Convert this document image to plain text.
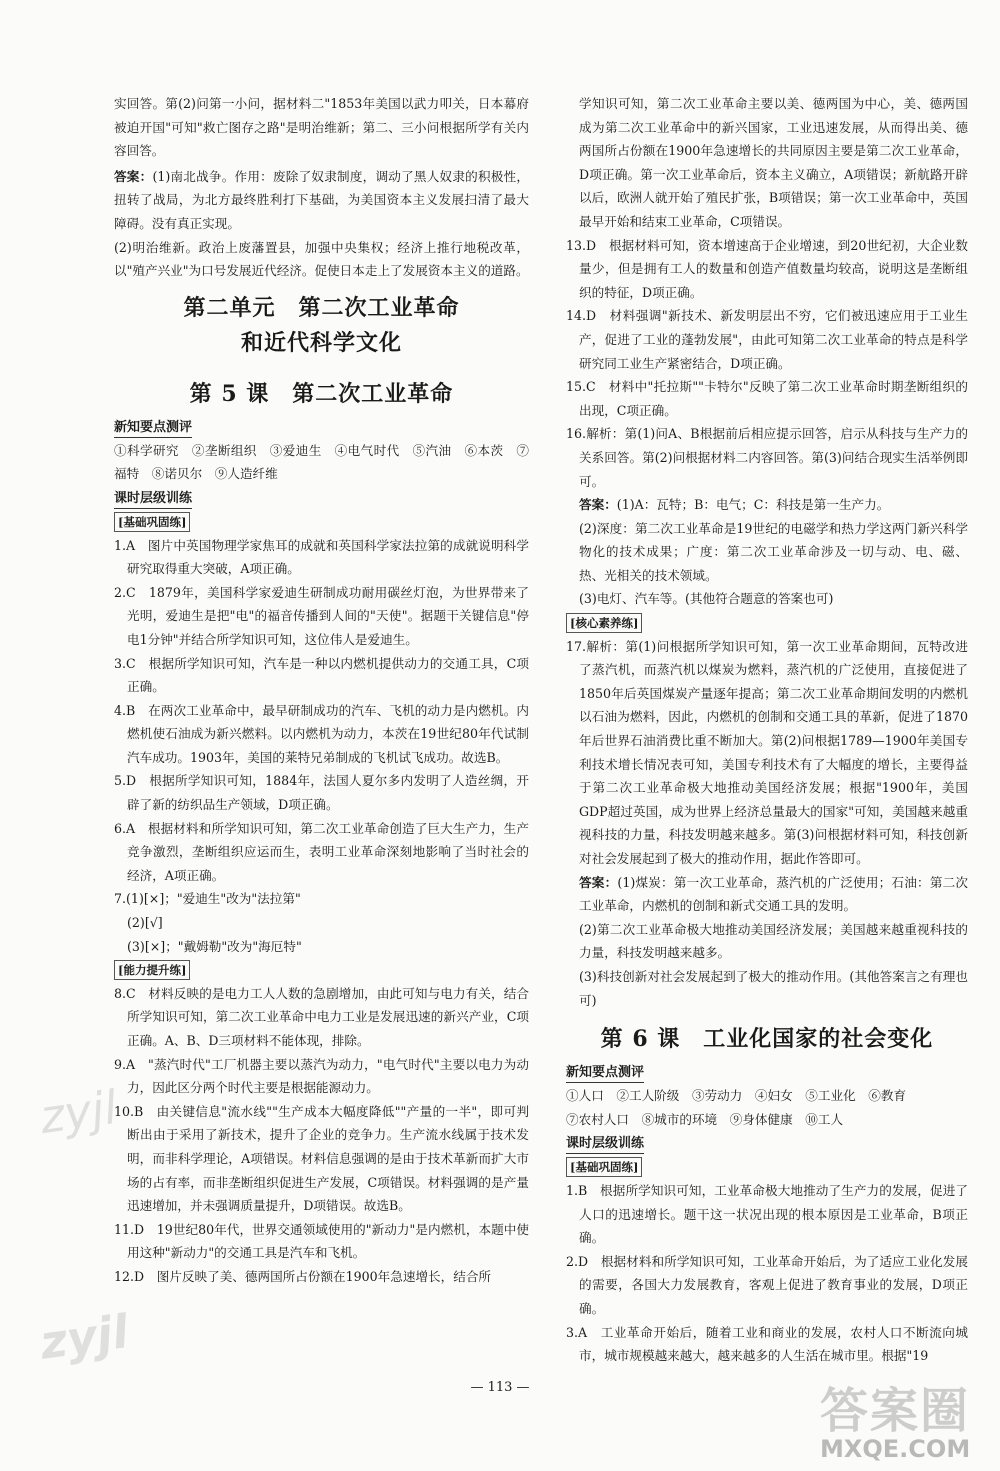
实回答。第(2)问第一小问，据材料二"1853年美国以武力叩关，日本幕府被迫开国"可知"救亡图存之路"是明治维新；第二、三小问根据所学有关内容回答。

答案：(1)南北战争。作用：废除了奴隶制度，调动了黑人奴隶的积极性，扭转了战局，为北方最终胜利打下基础，为美国资本主义发展扫清了最大障碍。没有真正实现。

(2)明治维新。政治上废藩置县，加强中央集权；经济上推行地税改革，以"殖产兴业"为口号发展近代经济。促使日本走上了发展资本主义的道路。

第二单元　第二次工业革命
和近代科学文化
第 5 课　第二次工业革命
新知要点测评

①科学研究　②垄断组织　③爱迪生　④电气时代　⑤汽油　⑥本茨　⑦福特　⑧诺贝尔　⑨人造纤维

课时层级训练
[基础巩固练]

1.A　图片中英国物理学家焦耳的成就和英国科学家法拉第的成就说明科学研究取得重大突破，A项正确。

2.C　1879年，美国科学家爱迪生研制成功耐用碳丝灯泡，为世界带来了光明，爱迪生是把"电"的福音传播到人间的"天使"。据题干关键信息"停电1分钟"并结合所学知识可知，这位伟人是爱迪生。

3.C　根据所学知识可知，汽车是一种以内燃机提供动力的交通工具，C项正确。

4.B　在两次工业革命中，最早研制成功的汽车、飞机的动力是内燃机。内燃机使石油成为新兴燃料。以内燃机为动力，本茨在19世纪80年代试制汽车成功。1903年，美国的莱特兄弟制成的飞机试飞成功。故选B。

5.D　根据所学知识可知，1884年，法国人夏尔多内发明了人造丝绸，开辟了新的纺织品生产领域，D项正确。

6.A　根据材料和所学知识可知，第二次工业革命创造了巨大生产力，生产竞争激烈，垄断组织应运而生，表明工业革命深刻地影响了当时社会的经济，A项正确。

7.(1)[×]；"爱迪生"改为"法拉第"

(2)[√]

(3)[×]；"戴姆勒"改为"海厄特"

[能力提升练]

8.C　材料反映的是电力工人人数的急剧增加，由此可知与电力有关，结合所学知识可知，第二次工业革命中电力工业是发展迅速的新兴产业，C项正确。A、B、D三项材料不能体现，排除。

9.A　"蒸汽时代"工厂机器主要以蒸汽为动力，"电气时代"主要以电力为动力，因此区分两个时代主要是根据能源动力。

10.B　由关键信息"流水线""生产成本大幅度降低""产量的一半"，即可判断出由于采用了新技术，提升了企业的竞争力。生产流水线属于技术发明，而非科学理论，A项错误。材料信息强调的是由于技术革新而扩大市场的占有率，而非垄断组织促进生产发展，C项错误。材料强调的是产量迅速增加，并未强调质量提升，D项错误。故选B。

11.D　19世纪80年代，世界交通领域使用的"新动力"是内燃机，本题中使用这种"新动力"的交通工具是汽车和飞机。

12.D　图片反映了美、德两国所占份额在1900年急速增长，结合所

学知识可知，第二次工业革命主要以美、德两国为中心，美、德两国成为第二次工业革命中的新兴国家，工业迅速发展，从而得出美、德两国所占份额在1900年急速增长的共同原因主要是第二次工业革命，D项正确。第一次工业革命后，资本主义确立，A项错误；新航路开辟以后，欧洲人就开始了殖民扩张，B项错误；第一次工业革命中，英国最早开始和结束工业革命，C项错误。

13.D　根据材料可知，资本增速高于企业增速，到20世纪初，大企业数量少，但是拥有工人的数量和创造产值数量均较高，说明这是垄断组织的特征，D项正确。

14.D　材料强调"新技术、新发明层出不穷，它们被迅速应用于工业生产，促进了工业的蓬勃发展"，由此可知第二次工业革命的特点是科学研究同工业生产紧密结合，D项正确。

15.C　材料中"托拉斯""卡特尔"反映了第二次工业革命时期垄断组织的出现，C项正确。

16.解析：第(1)问A、B根据前后相应提示回答，启示从科技与生产力的关系回答。第(2)问根据材料二内容回答。第(3)问结合现实生活举例即可。

答案：(1)A：瓦特；B：电气；C：科技是第一生产力。

(2)深度：第二次工业革命是19世纪的电磁学和热力学这两门新兴科学物化的技术成果；广度：第二次工业革命涉及一切与动、电、磁、热、光相关的技术领域。

(3)电灯、汽车等。(其他符合题意的答案也可)

[核心素养练]

17.解析：第(1)问根据所学知识可知，第一次工业革命期间，瓦特改进了蒸汽机，而蒸汽机以煤炭为燃料，蒸汽机的广泛使用，直接促进了1850年后英国煤炭产量逐年提高；第二次工业革命期间发明的内燃机以石油为燃料，因此，内燃机的创制和交通工具的革新，促进了1870年后世界石油消费比重不断加大。第(2)问根据1789—1900年美国专利技术增长情况表可知，美国专利技术有了大幅度的增长，主要得益于第二次工业革命极大地推动美国经济发展；根据"1900年，美国GDP超过英国，成为世界上经济总量最大的国家"可知，美国越来越重视科技的力量，科技发明越来越多。第(3)问根据材料可知，科技创新对社会发展起到了极大的推动作用，据此作答即可。

答案：(1)煤炭：第一次工业革命，蒸汽机的广泛使用；石油：第二次工业革命，内燃机的创制和新式交通工具的发明。

(2)第二次工业革命极大地推动美国经济发展；美国越来越重视科技的力量，科技发明越来越多。

(3)科技创新对社会发展起到了极大的推动作用。(其他答案言之有理也可)

第 6 课　工业化国家的社会变化
新知要点测评

①人口　②工人阶级　③劳动力　④妇女　⑤工业化　⑥教育

⑦农村人口　⑧城市的环境　⑨身体健康　⑩工人

课时层级训练
[基础巩固练]

1.B　根据所学知识可知，工业革命极大地推动了生产力的发展，促进了人口的迅速增长。题干这一状况出现的根本原因是工业革命，B项正确。

2.D　根据材料和所学知识可知，工业革命开始后，为了适应工业化发展的需要，各国大力发展教育，客观上促进了教育事业的发展，D项正确。

3.A　工业革命开始后，随着工业和商业的发展，农村人口不断流向城市，城市规模越来越大，越来越多的人生活在城市里。根据"19

— 113 —
zyjl
zyjl
答案圈
MXQE.COM
